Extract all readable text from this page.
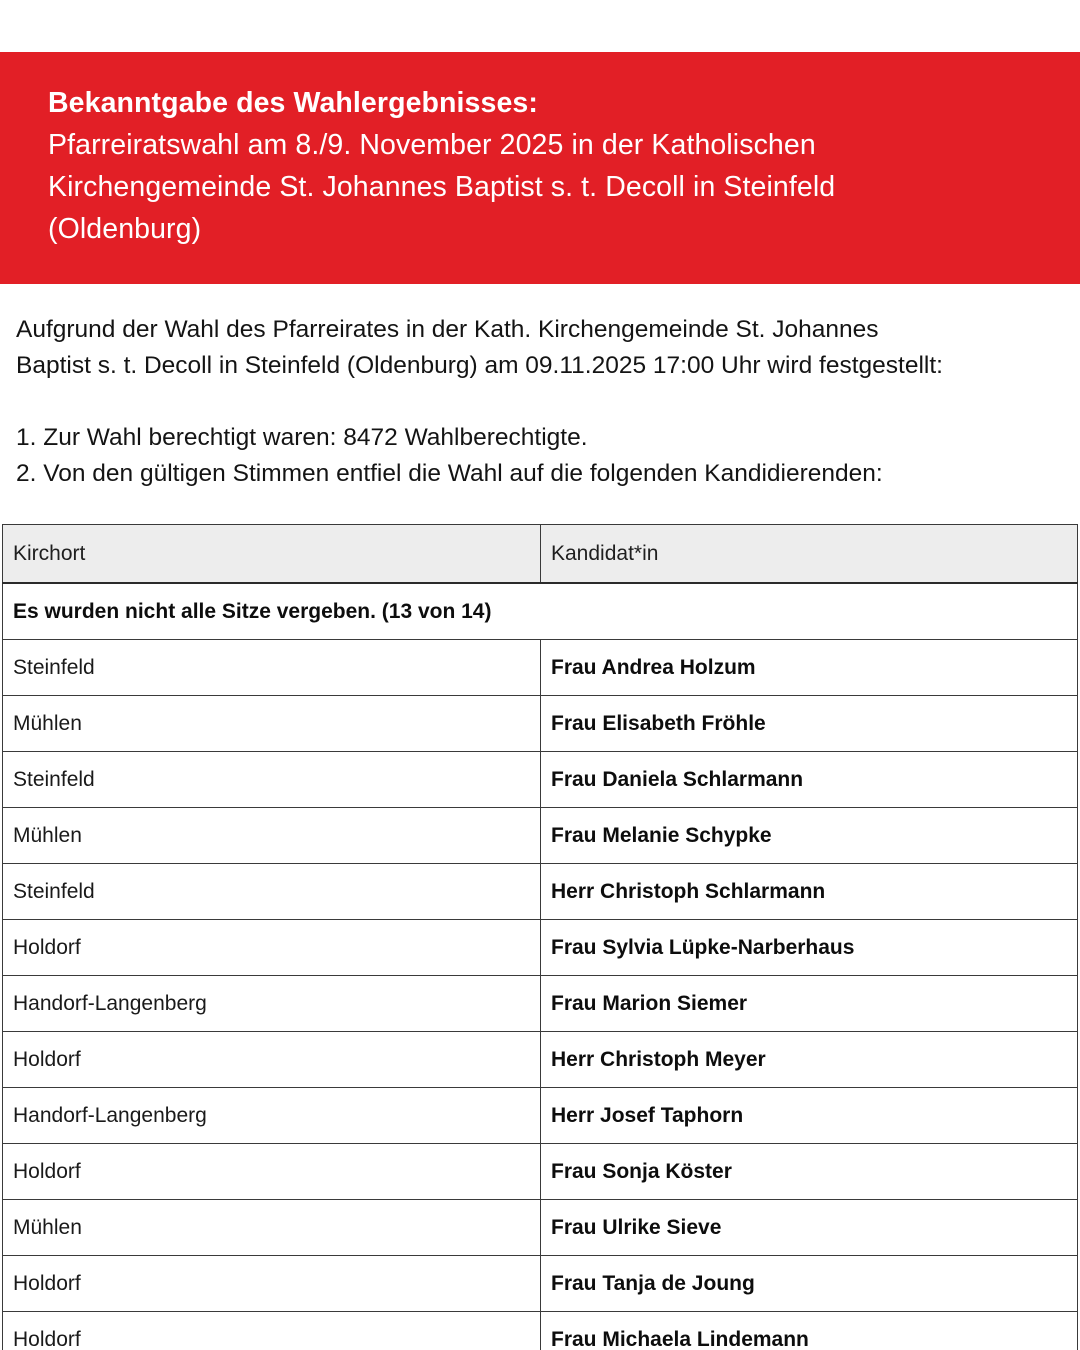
Bekanntgabe des Wahlergebnisses:
Pfarreiratswahl am 8./9. November 2025 in der Katholischen
Kirchengemeinde St. Johannes Baptist s. t. Decoll in Steinfeld
(Oldenburg)
Aufgrund der Wahl des Pfarreirates in der Kath. Kirchengemeinde St. Johannes
Baptist s. t. Decoll in Steinfeld (Oldenburg) am 09.11.2025 17:00 Uhr wird festgestellt:
1. Zur Wahl berechtigt waren: 8472 Wahlberechtigte.
2. Von den gültigen Stimmen entfiel die Wahl auf die folgenden Kandidierenden:
Kirchort	Kandidat*in
Es wurden nicht alle Sitze vergeben. (13 von 14)	
Steinfeld	Frau Andrea Holzum
Mühlen	Frau Elisabeth Fröhle
Steinfeld	Frau Daniela Schlarmann
Mühlen	Frau Melanie Schypke
Steinfeld	Herr Christoph Schlarmann
Holdorf	Frau Sylvia Lüpke-Narberhaus
Handorf-Langenberg	Frau Marion Siemer
Holdorf	Herr Christoph Meyer
Handorf-Langenberg	Herr Josef Taphorn
Holdorf	Frau Sonja Köster
Mühlen	Frau Ulrike Sieve
Holdorf	Frau Tanja de Joung
Holdorf	Frau Michaela Lindemann
